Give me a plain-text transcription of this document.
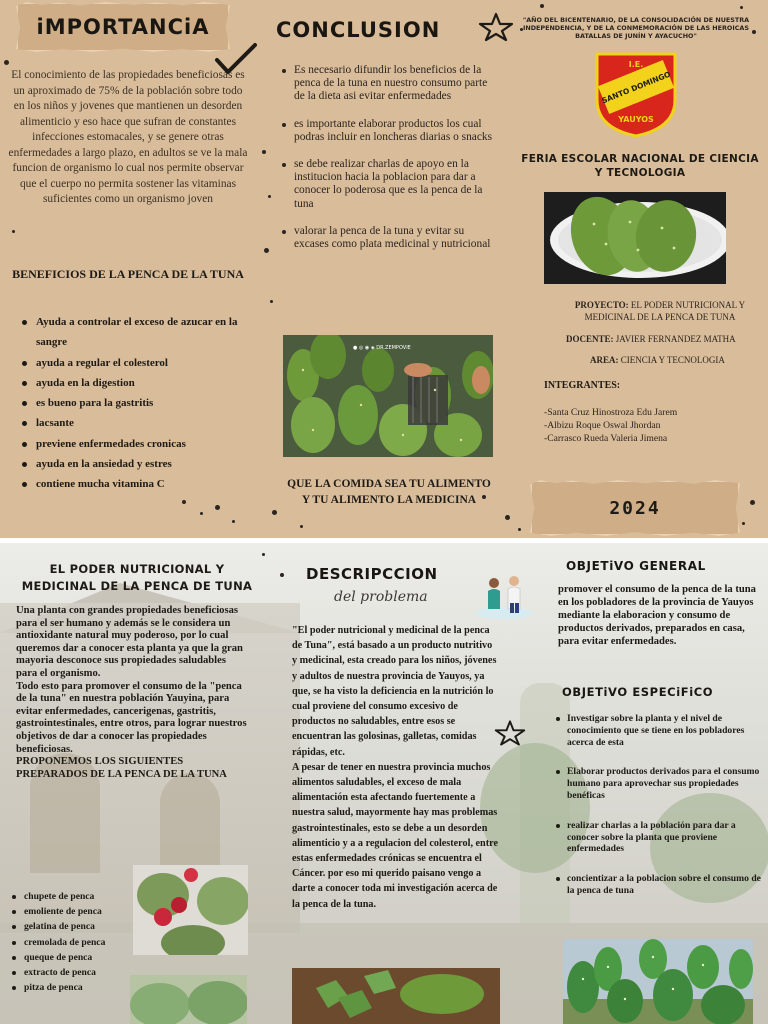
iMPORTANCiA

El conocimiento de las propiedades beneficiosas es un aproximado de 75% de la población sobre todo en los niños y jovenes que mantienen un desorden alimenticio y eso hace que sufran de constantes infecciones estomacales, y se genere otras enfermedades a largo plazo, en adultos se ve la mala funcion de organismo lo cual nos permite observar que el cuerpo no permita sostener las vitaminas suficientes como un organismo joven

BENEFICIOS DE LA PENCA DE LA TUNA
Ayuda a controlar el exceso de azucar en la sangre
ayuda a regular el colesterol
ayuda en la digestion
es bueno para la gastritis
lacsante
previene enfermedades cronicas
ayuda en la ansiedad y estres
contiene mucha vitamina C
CONCLUSION
Es necesario difundir los beneficios de la penca de la tuna en nuestro consumo parte de la dieta asi evitar enfermedades
es importante elaborar productos los cual podras incluir en loncheras diarias o snacks
se debe realizar charlas de apoyo en la institucion hacia la poblacion para dar a conocer lo poderosa que es la penca de la tuna
valorar la penca de la tuna y evitar su excases como plata medicinal y nutricional
● ◎ ◉ ◈ DR.ZEMPOVIE

QUE LA COMIDA SEA TU ALIMENTO Y TU ALIMENTO LA MEDICINA

"AÑO DEL BICENTENARIO, DE LA CONSOLIDACIÓN DE NUESTRA INDEPENDENCIA, Y DE LA CONMEMORACIÓN DE LAS HEROICAS BATALLAS DE JUNÍN Y AYACUCHO"

I.E.
SANTO DOMINGO
YAUYOS
FERIA ESCOLAR NACIONAL DE CIENCIA Y TECNOLOGIA

PROYECTO: EL PODER NUTRICIONAL Y MEDICINAL DE LA PENCA DE TUNA

DOCENTE: JAVIER FERNANDEZ MATHA

AREA: CIENCIA Y TECNOLOGIA

INTEGRANTES:

-Santa Cruz Hinostroza Edu Jarem
-Albizu Roque Oswal Jhordan
-Carrasco Rueda Valeria Jimena
2024
EL PODER NUTRICIONAL Y MEDICINAL DE LA PENCA DE TUNA

Una planta con grandes propiedades beneficiosas para el ser humano y además se le considera un antioxidante natural muy poderoso, por lo cual queremos dar a conocer esta planta ya que la gran mayoria desconoce sus propiedades saludables para el organismo.

Todo esto para promover el consumo de la "penca de la tuna" en nuestra población Yauyina, para evitar enfermedades, cancerigenas, gastritis, gastrointestinales, entre otros, para lograr nuestros objetivos de dar a conocer las propiedades beneficiosas.

PROPONEMOS LOS SIGUIENTES PREPARADOS DE LA PENCA DE LA TUNA

chupete de penca
emoliente de penca
gelatina de penca
cremolada de penca
queque de penca
extracto de penca
pitza de penca
DESCRIPCCION

del problema

"El poder nutricional y medicinal de la penca de Tuna", está basado a un producto nutritivo y medicinal, esta creado para los niños, jóvenes y adultos de nuestra provincia de Yauyos, ya que, se ha visto la deficiencia en la nutrición lo cual proviene del consumo excesivo de productos no saludables, entre esos se encuentran las golosinas, galletas, comidas rápidas, etc.

A pesar de tener en nuestra provincia muchos alimentos saludables, el exceso de mala alimentación esta afectando fuertemente a nuestra salud, mayormente hay mas problemas gastrointestinales, esto se debe a un desorden alimenticio y a a regulacion del colesterol, entre estas enfermedades crónicas se encuentra el Cáncer. por eso mi querido paisano vengo a darte a conocer toda mi investigación acerca de la penca de la tuna.

OBJETiVO GENERAL

promover el consumo de la penca de la tuna en los pobladores de la provincia de Yauyos mediante la elaboracion y consumo de productos derivados, preparados en casa, para evitar enfermedades.

OBJETiVO ESPECiFiCO
Investigar sobre la planta y el nivel de conocimiento que se tiene en los pobladores acerca de esta
Elaborar productos derivados para el consumo humano para aprovechar sus propiedades benéficas
realizar charlas a la población para dar a conocer sobre la planta que proviene enfermedades
concientizar a la poblacion sobre el consumo de la penca de tuna
